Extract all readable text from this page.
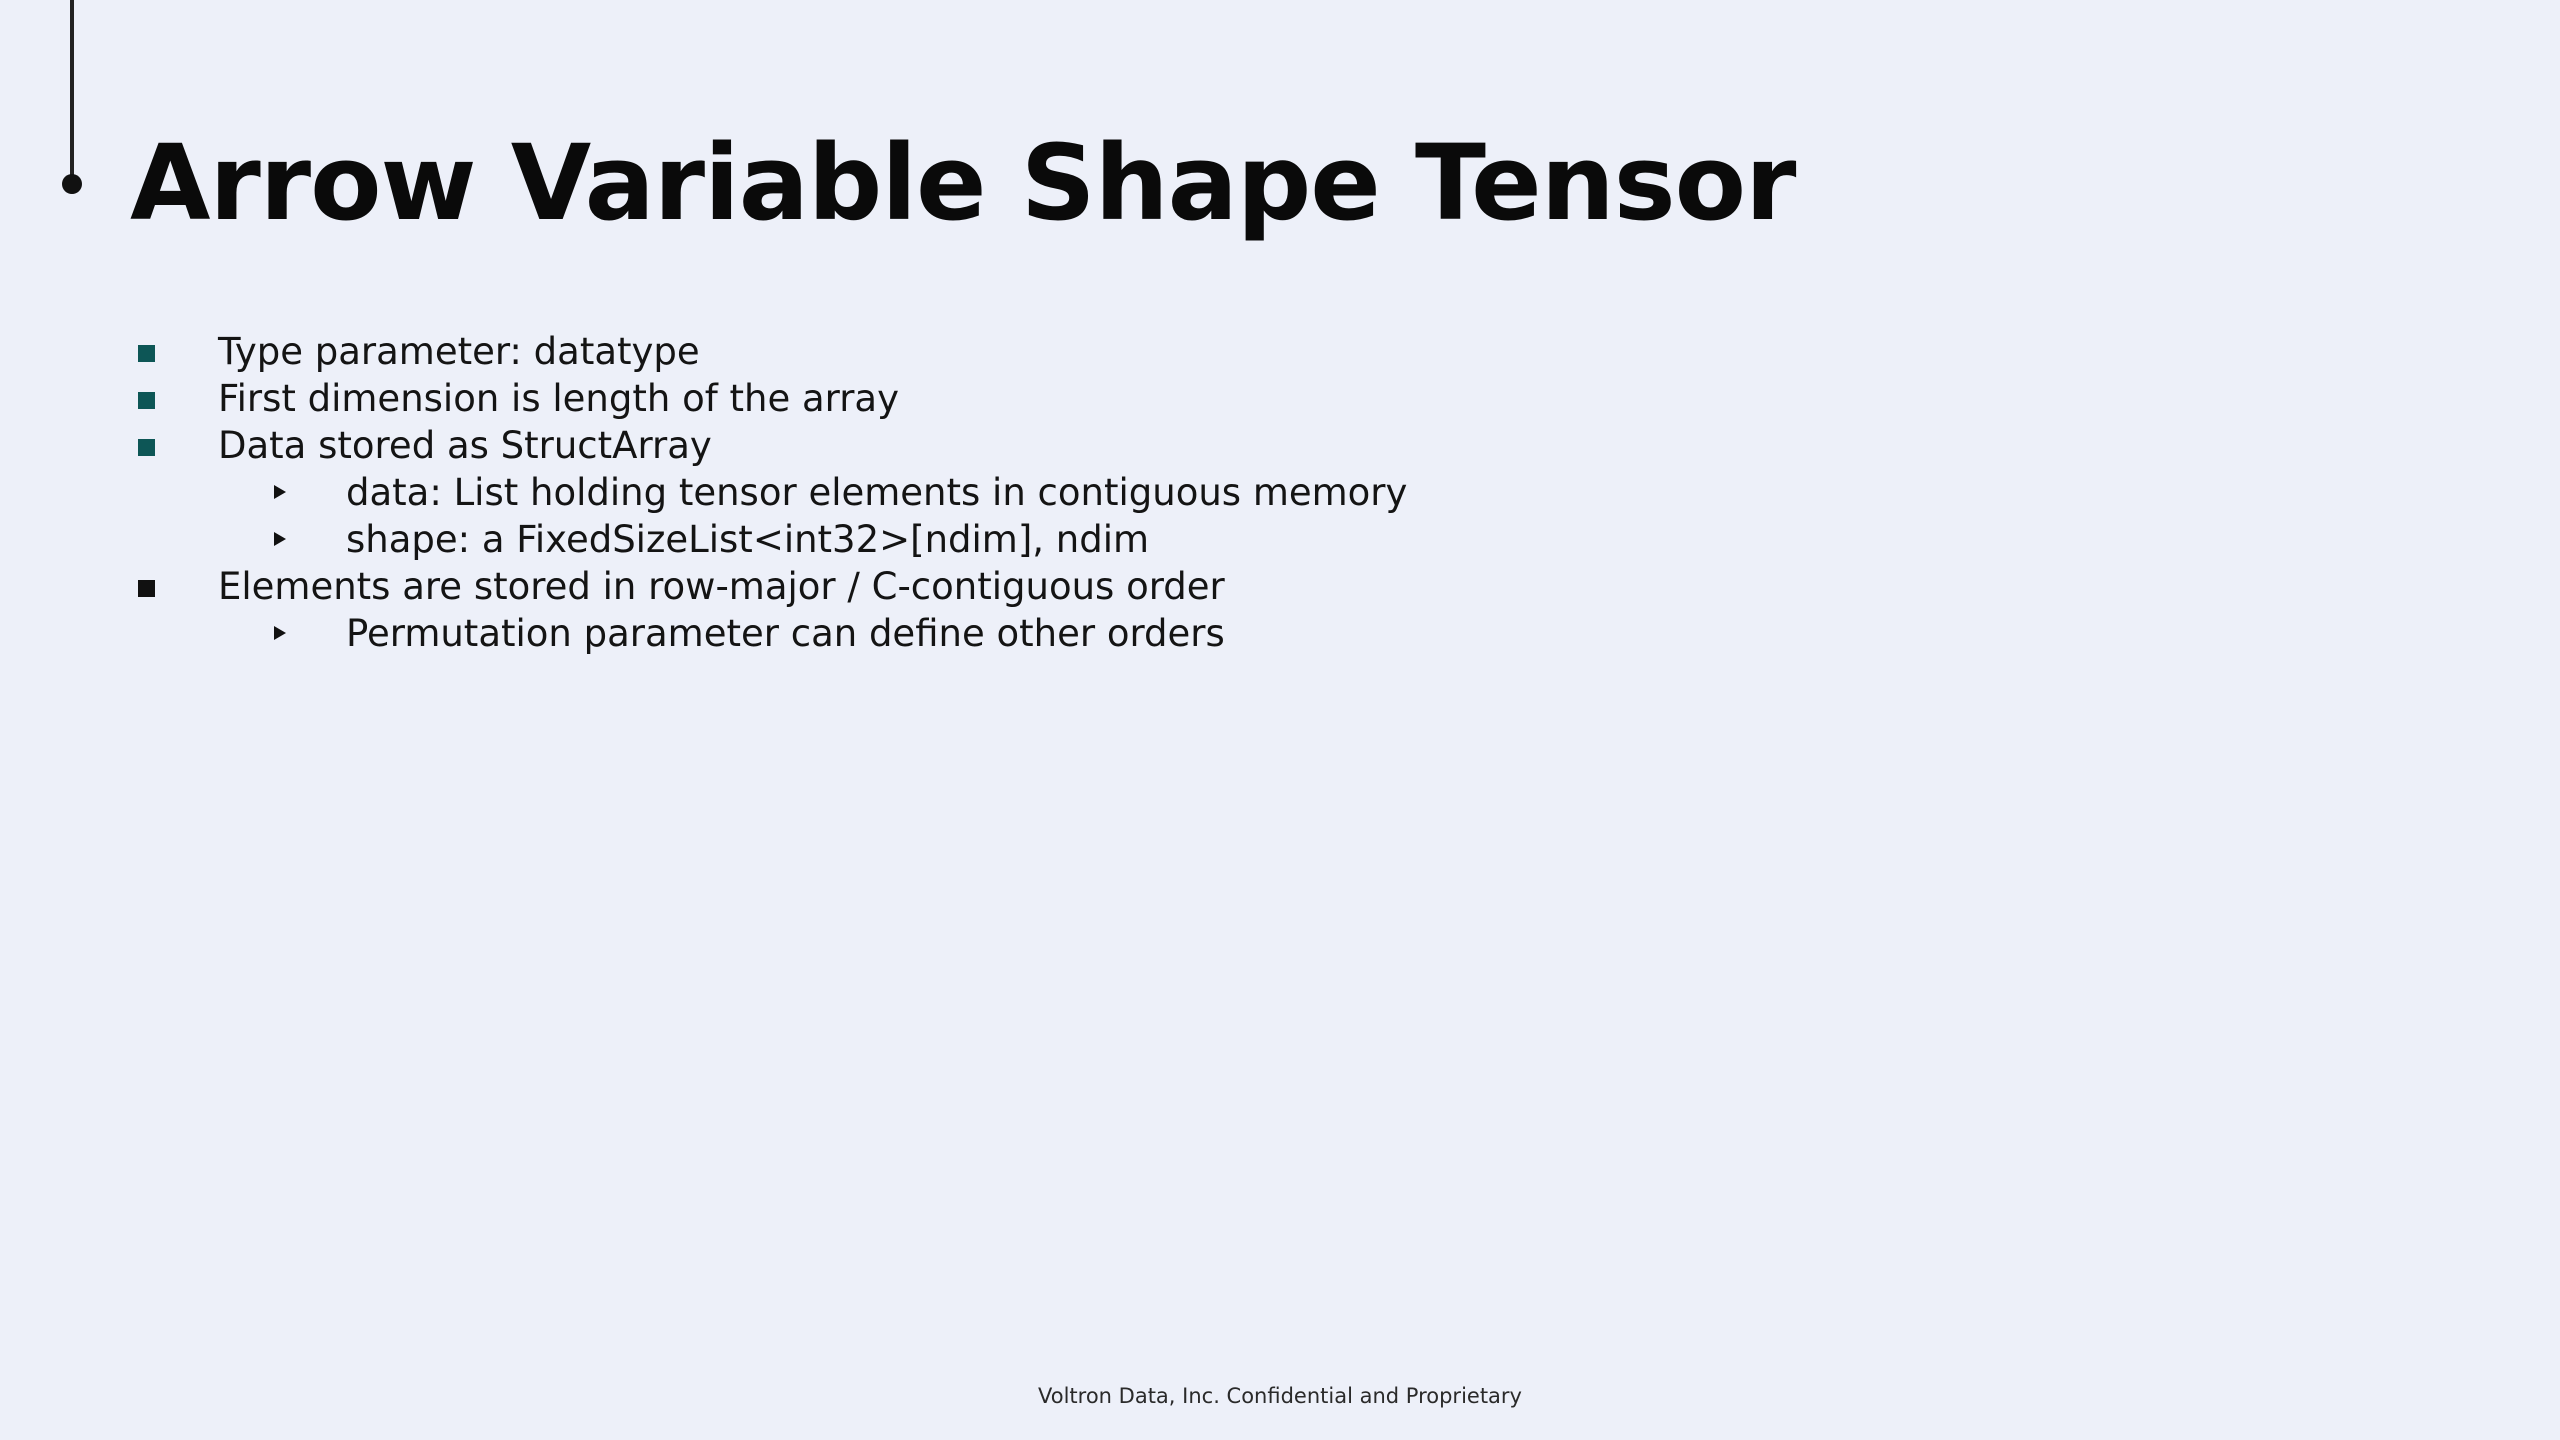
Arrow Variable Shape Tensor
Type parameter: datatype
First dimension is length of the array
Data stored as StructArray
data: List holding tensor elements in contiguous memory
shape: a FixedSizeList<int32>[ndim], ndim
Elements are stored in row-major / C-contiguous order
Permutation parameter can define other orders
Voltron Data, Inc. Confidential and Proprietary
